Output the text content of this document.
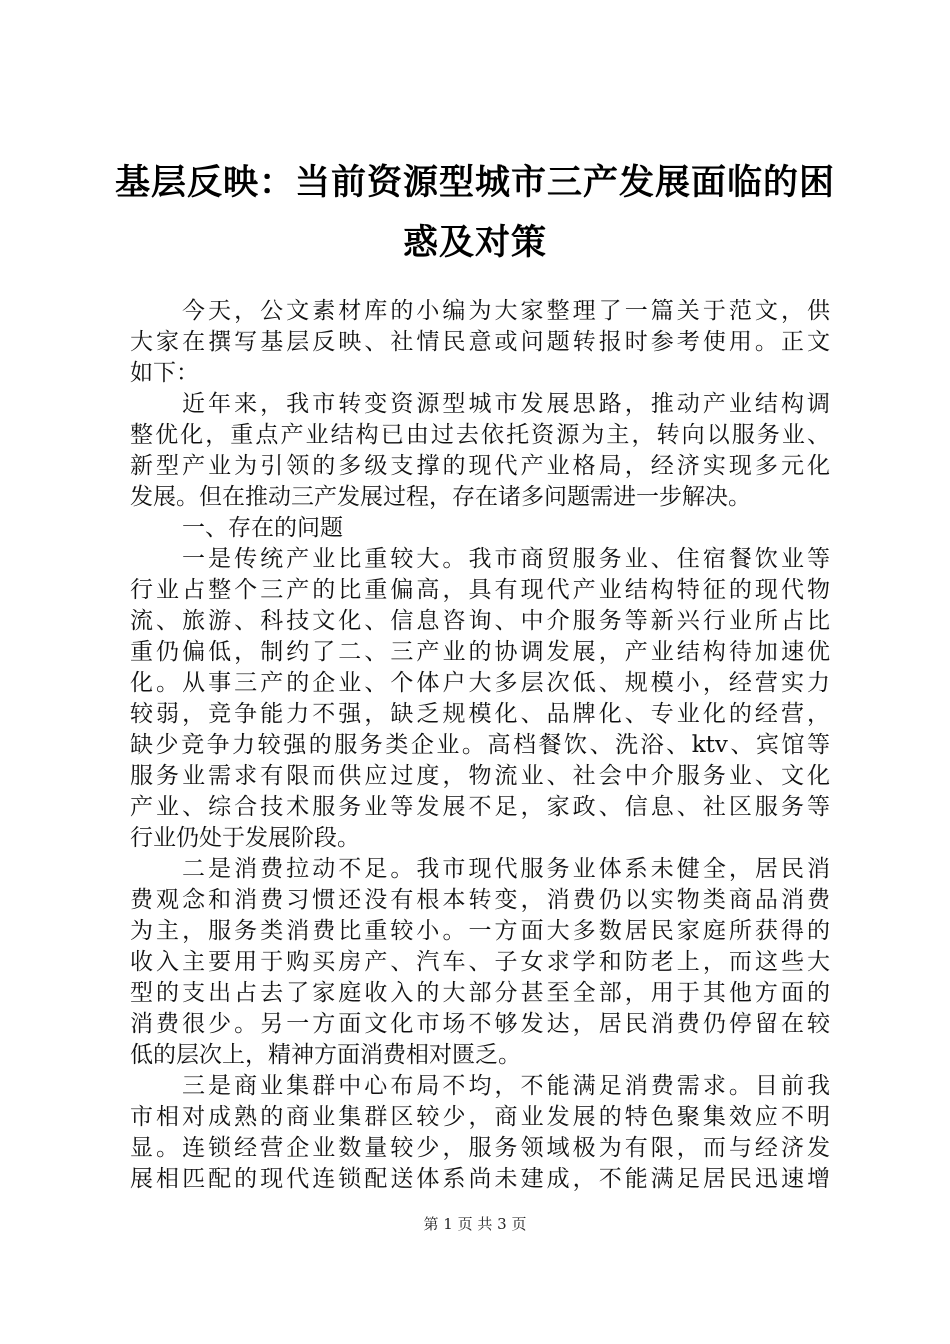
基层反映：当前资源型城市三产发展面临的困
惑及对策
今天，公文素材库的小编为大家整理了一篇关于范文，供
大家在撰写基层反映、社情民意或问题转报时参考使用。正文
如下：
近年来，我市转变资源型城市发展思路，推动产业结构调
整优化，重点产业结构已由过去依托资源为主，转向以服务业、
新型产业为引领的多级支撑的现代产业格局，经济实现多元化
发展。但在推动三产发展过程，存在诸多问题需进一步解决。
一、存在的问题
一是传统产业比重较大。我市商贸服务业、住宿餐饮业等
行业占整个三产的比重偏高，具有现代产业结构特征的现代物
流、旅游、科技文化、信息咨询、中介服务等新兴行业所占比
重仍偏低，制约了二、三产业的协调发展，产业结构待加速优
化。从事三产的企业、个体户大多层次低、规模小，经营实力
较弱，竞争能力不强，缺乏规模化、品牌化、专业化的经营，
缺少竞争力较强的服务类企业。高档餐饮、洗浴、ktv、宾馆等
服务业需求有限而供应过度，物流业、社会中介服务业、文化
产业、综合技术服务业等发展不足，家政、信息、社区服务等
行业仍处于发展阶段。
二是消费拉动不足。我市现代服务业体系未健全，居民消
费观念和消费习惯还没有根本转变，消费仍以实物类商品消费
为主，服务类消费比重较小。一方面大多数居民家庭所获得的
收入主要用于购买房产、汽车、子女求学和防老上，而这些大
型的支出占去了家庭收入的大部分甚至全部，用于其他方面的
消费很少。另一方面文化市场不够发达，居民消费仍停留在较
低的层次上，精神方面消费相对匮乏。
三是商业集群中心布局不均，不能满足消费需求。目前我
市相对成熟的商业集群区较少，商业发展的特色聚集效应不明
显。连锁经营企业数量较少，服务领域极为有限，而与经济发
展相匹配的现代连锁配送体系尚未建成，不能满足居民迅速增
第 1 页 共 3 页
